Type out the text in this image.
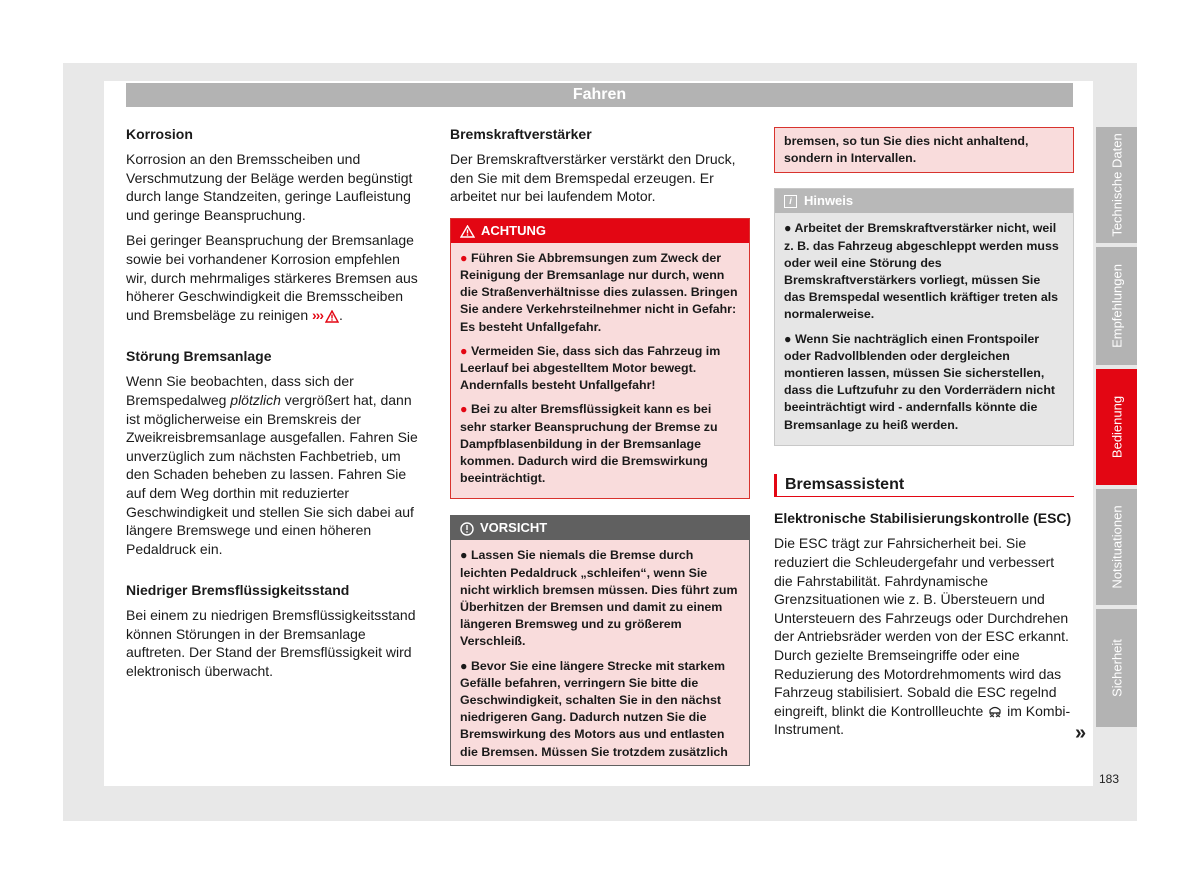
Fahren
Korrosion

Korrosion an den Bremsscheiben und Verschmutzung der Beläge werden begünstigt durch lange Standzeiten, geringe Laufleistung und geringe Beanspruchung.

Bei geringer Beanspruchung der Bremsanlage sowie bei vorhandener Korrosion empfehlen wir, durch mehrmaliges stärkeres Bremsen aus höherer Geschwindigkeit die Bremsscheiben und Bremsbeläge zu reinigen ››› .

Störung Bremsanlage

Wenn Sie beobachten, dass sich der Bremspedalweg plötzlich vergrößert hat, dann ist möglicherweise ein Bremskreis der Zweikreisbremsanlage ausgefallen. Fahren Sie unverzüglich zum nächsten Fachbetrieb, um den Schaden beheben zu lassen. Fahren Sie auf dem Weg dorthin mit reduzierter Geschwindigkeit und stellen Sie sich dabei auf längere Bremswege und einen höheren Pedaldruck ein.

Niedriger Bremsflüssigkeitsstand

Bei einem zu niedrigen Bremsflüssigkeitsstand können Störungen in der Bremsanlage auftreten. Der Stand der Bremsflüssigkeit wird elektronisch überwacht.

Bremskraftverstärker

Der Bremskraftverstärker verstärkt den Druck, den Sie mit dem Bremspedal erzeugen. Er arbeitet nur bei laufendem Motor.

ACHTUNG
● Führen Sie Abbremsungen zum Zweck der Reinigung der Bremsanlage nur durch, wenn die Straßenverhältnisse dies zulassen. Bringen Sie andere Verkehrsteilnehmer nicht in Gefahr: Es besteht Unfallgefahr.
● Vermeiden Sie, dass sich das Fahrzeug im Leerlauf bei abgestelltem Motor bewegt. Andernfalls besteht Unfallgefahr!
● Bei zu alter Bremsflüssigkeit kann es bei sehr starker Beanspruchung der Bremse zu Dampfblasenbildung in der Bremsanlage kommen. Dadurch wird die Bremswirkung beeinträchtigt.
VORSICHT
● Lassen Sie niemals die Bremse durch leichten Pedaldruck „schleifen“, wenn Sie nicht wirklich bremsen müssen. Dies führt zum Überhitzen der Bremsen und damit zu einem längeren Bremsweg und zu größerem Verschleiß.
● Bevor Sie eine längere Strecke mit starkem Gefälle befahren, verringern Sie bitte die Geschwindigkeit, schalten Sie in den nächst niedrigeren Gang. Dadurch nutzen Sie die Bremswirkung des Motors aus und entlasten die Bremsen. Müssen Sie trotzdem zusätzlich
bremsen, so tun Sie dies nicht anhaltend, sondern in Intervallen.
i Hinweis
● Arbeitet der Bremskraftverstärker nicht, weil z. B. das Fahrzeug abgeschleppt werden muss oder weil eine Störung des Bremskraftverstärkers vorliegt, müssen Sie das Bremspedal wesentlich kräftiger treten als normalerweise.
● Wenn Sie nachträglich einen Frontspoiler oder Radvollblenden oder dergleichen montieren lassen, müssen Sie sicherstellen, dass die Luftzufuhr zu den Vorderrädern nicht beeinträchtigt wird - andernfalls könnte die Bremsanlage zu heiß werden.
Bremsassistent
Elektronische Stabilisierungskontrolle (ESC)

Die ESC trägt zur Fahrsicherheit bei. Sie reduziert die Schleudergefahr und verbessert die Fahrstabilität. Fahrdynamische Grenzsituationen wie z. B. Übersteuern und Untersteuern des Fahrzeugs oder Durchdrehen der Antriebsräder werden von der ESC erkannt. Durch gezielte Bremseingriffe oder eine Reduzierung des Motordrehmoments wird das Fahrzeug stabilisiert. Sobald die ESC regelnd eingreift, blinkt die Kontrollleuchte im Kombi-Instrument.	»
Technische Daten
Empfehlungen
Bedienung
Notsituationen
Sicherheit
183
